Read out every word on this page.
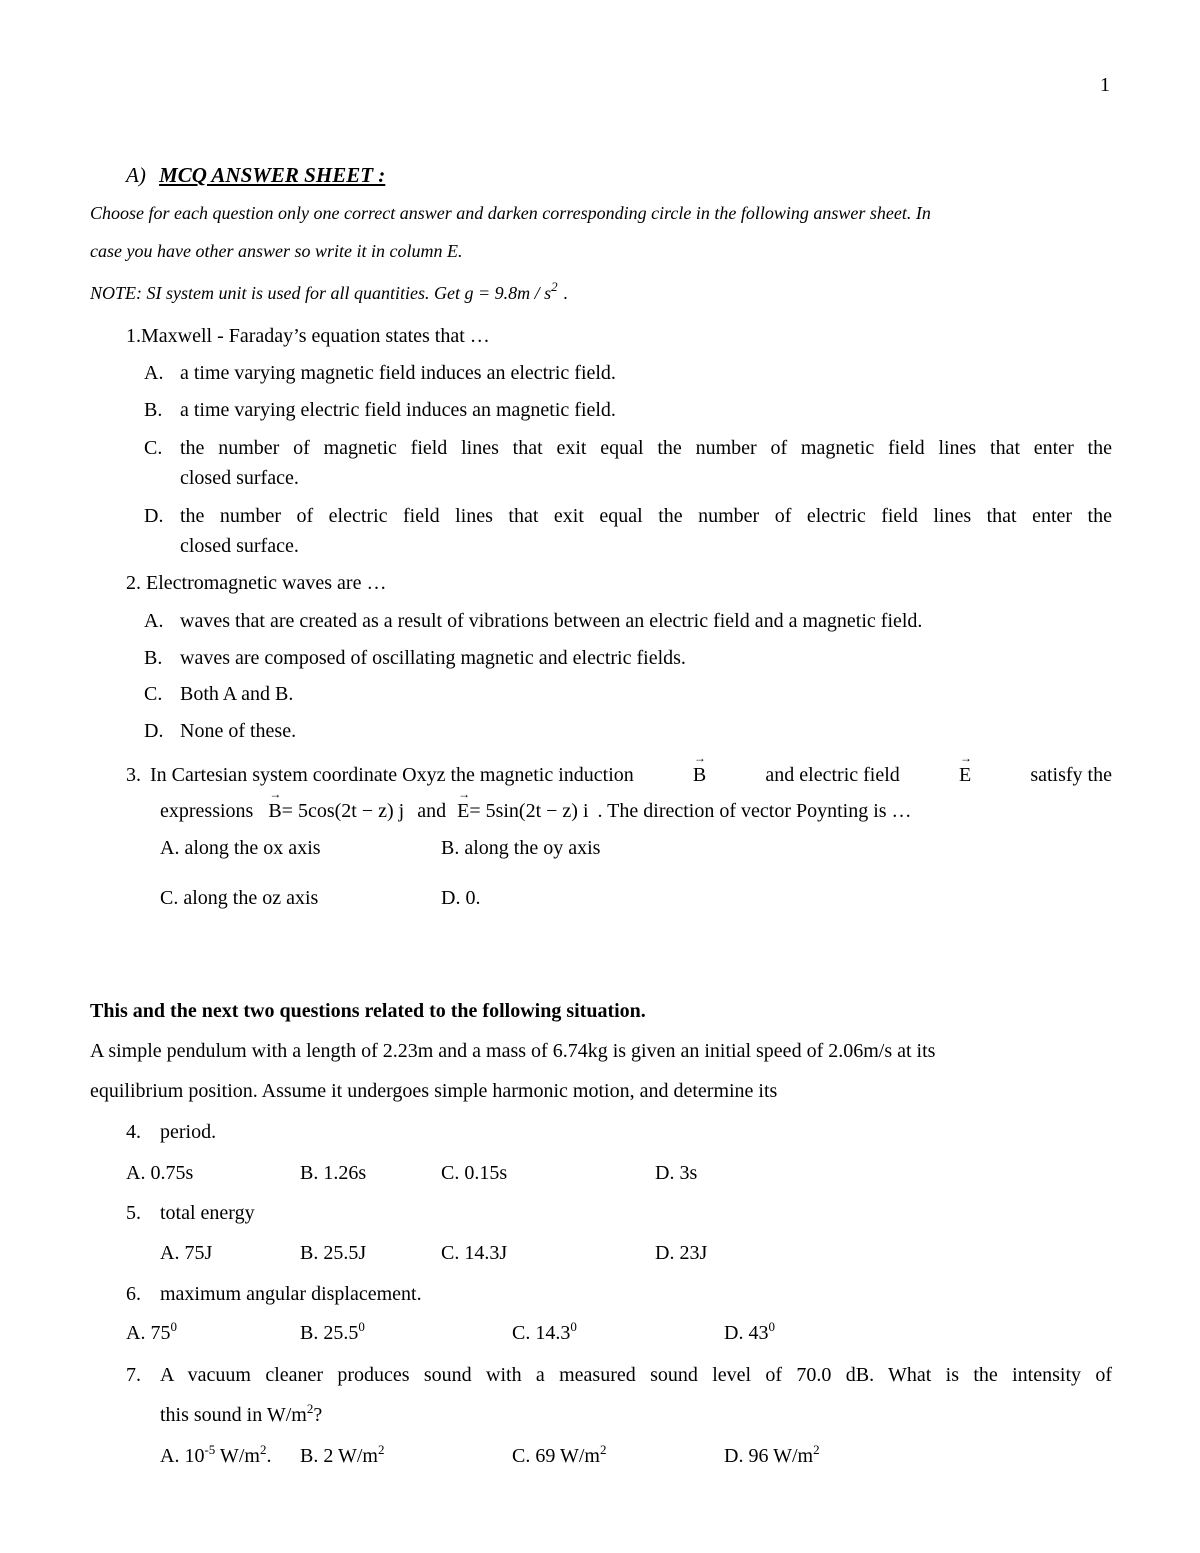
1
A) MCQ ANSWER SHEET :
Choose for each question only one correct answer and darken corresponding circle in the following answer sheet. In
case you have other answer so write it in column E.
NOTE: SI system unit is used for all quantities. Get $g = 9.8m / s^2$ .
1.Maxwell - Faraday’s equation states that …
A. a time varying magnetic field induces an electric field.
B. a time varying electric field induces an magnetic field.
C. the number of magnetic field lines that exit equal the number of magnetic field lines that enter the
closed surface.
D. the number of electric field lines that exit equal the number of electric field lines that enter the
closed surface.
2. Electromagnetic waves are …
A. waves that are created as a result of vibrations between an electric field and a magnetic field.
B. waves are composed of oscillating magnetic and electric fields.
C. Both A and B.
D. None of these.
3. In Cartesian system coordinate Oxyz the magnetic induction	→ B	and electric field	→ E	satisfy the
expressions → B= 5cos(2t − z) j and → E= 5sin(2t − z) i . The direction of vector Poynting is …
A. along the ox axis	B. along the oy axis
C. along the oz axis	D. 0.
This and the next two questions related to the following situation.
A simple pendulum with a length of 2.23m and a mass of 6.74kg is given an initial speed of 2.06m/s at its
equilibrium position. Assume it undergoes simple harmonic motion, and determine its
4. period.
A. 0.75s	B. 1.26s	C. 0.15s	D. 3s
5. total energy
A. 75J	B. 25.5J	C. 14.3J	D. 23J
6. maximum angular displacement.
A. $75^0$	B. 25.5$^0$	C. 14.3$^0$	D. $43^0$
7. A vacuum cleaner produces sound with a measured sound level of 70.0 dB. What is the intensity of
this sound in $W/m^2$?
A. $10^{-5}$ $W/m^2$. B. 2 $W/m^2$	C. 69 $W/m^2$	D. 96 $W/m^2$
